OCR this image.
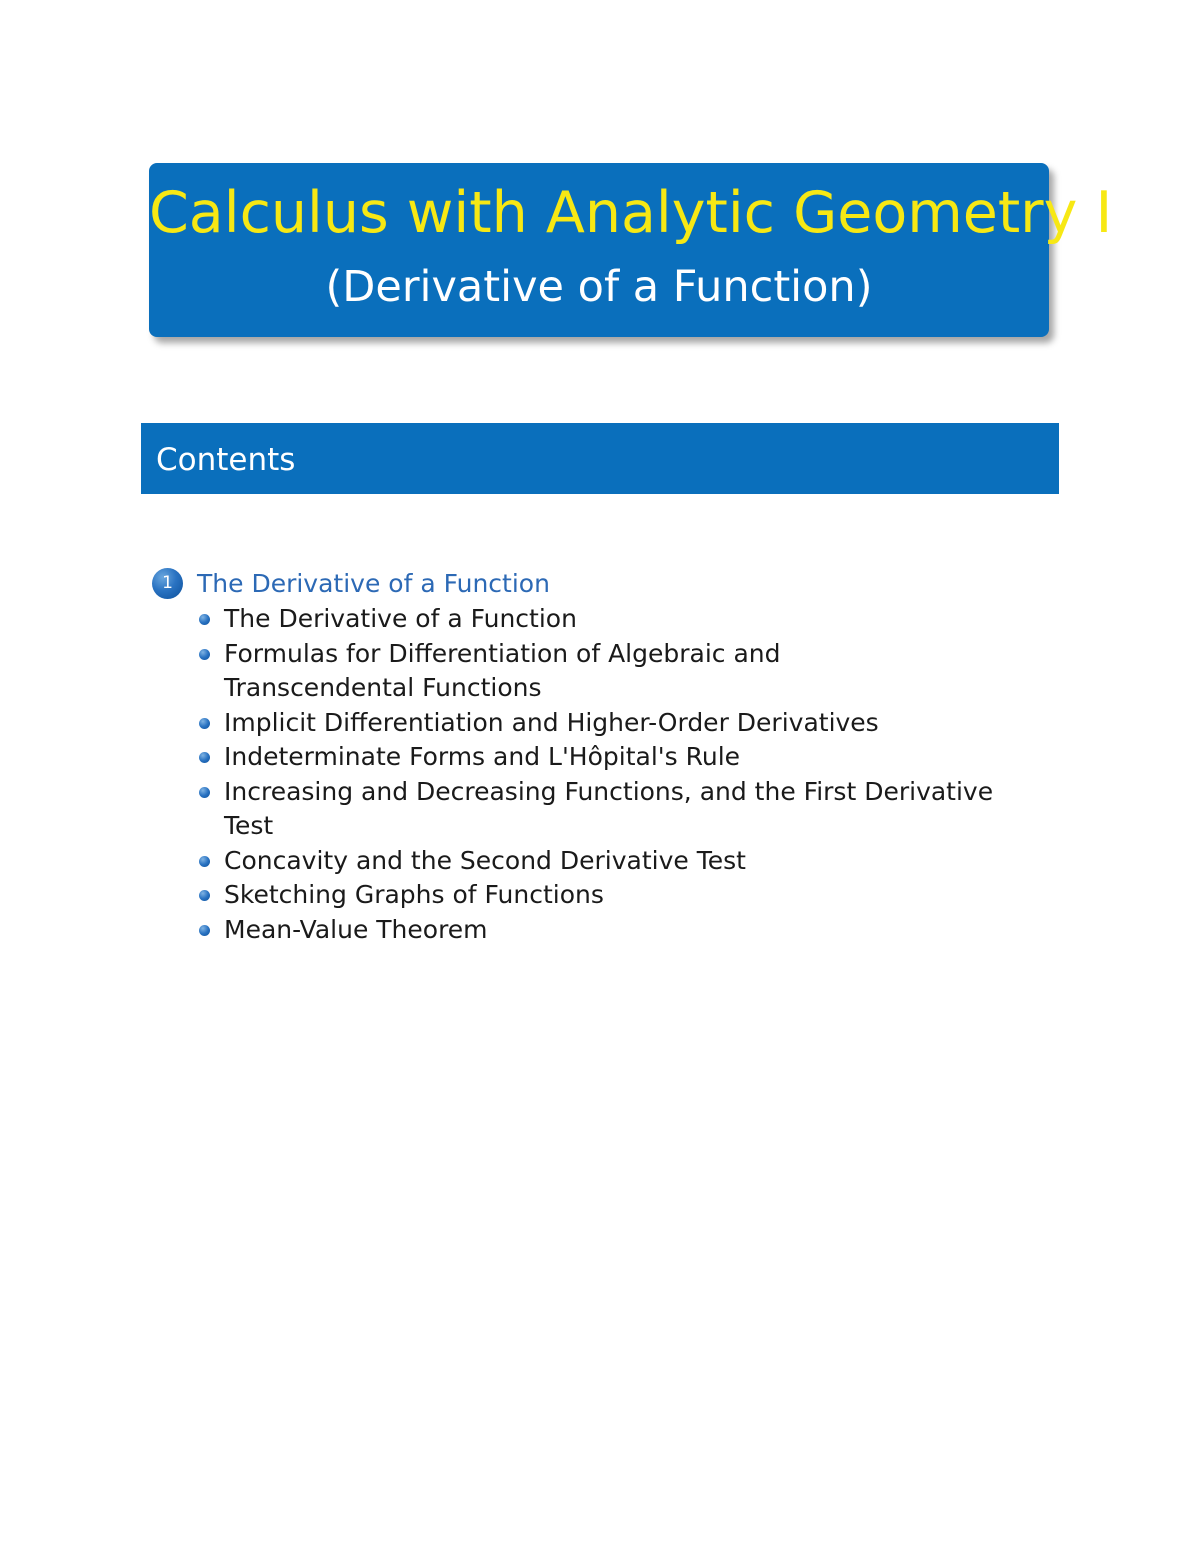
Calculus with Analytic Geometry I
(Derivative of a Function)
Contents
1 The Derivative of a Function
The Derivative of a Function
Formulas for Differentiation of Algebraic and Transcendental Functions
Implicit Differentiation and Higher-Order Derivatives
Indeterminate Forms and L'Hôpital's Rule
Increasing and Decreasing Functions, and the First Derivative Test
Concavity and the Second Derivative Test
Sketching Graphs of Functions
Mean-Value Theorem
